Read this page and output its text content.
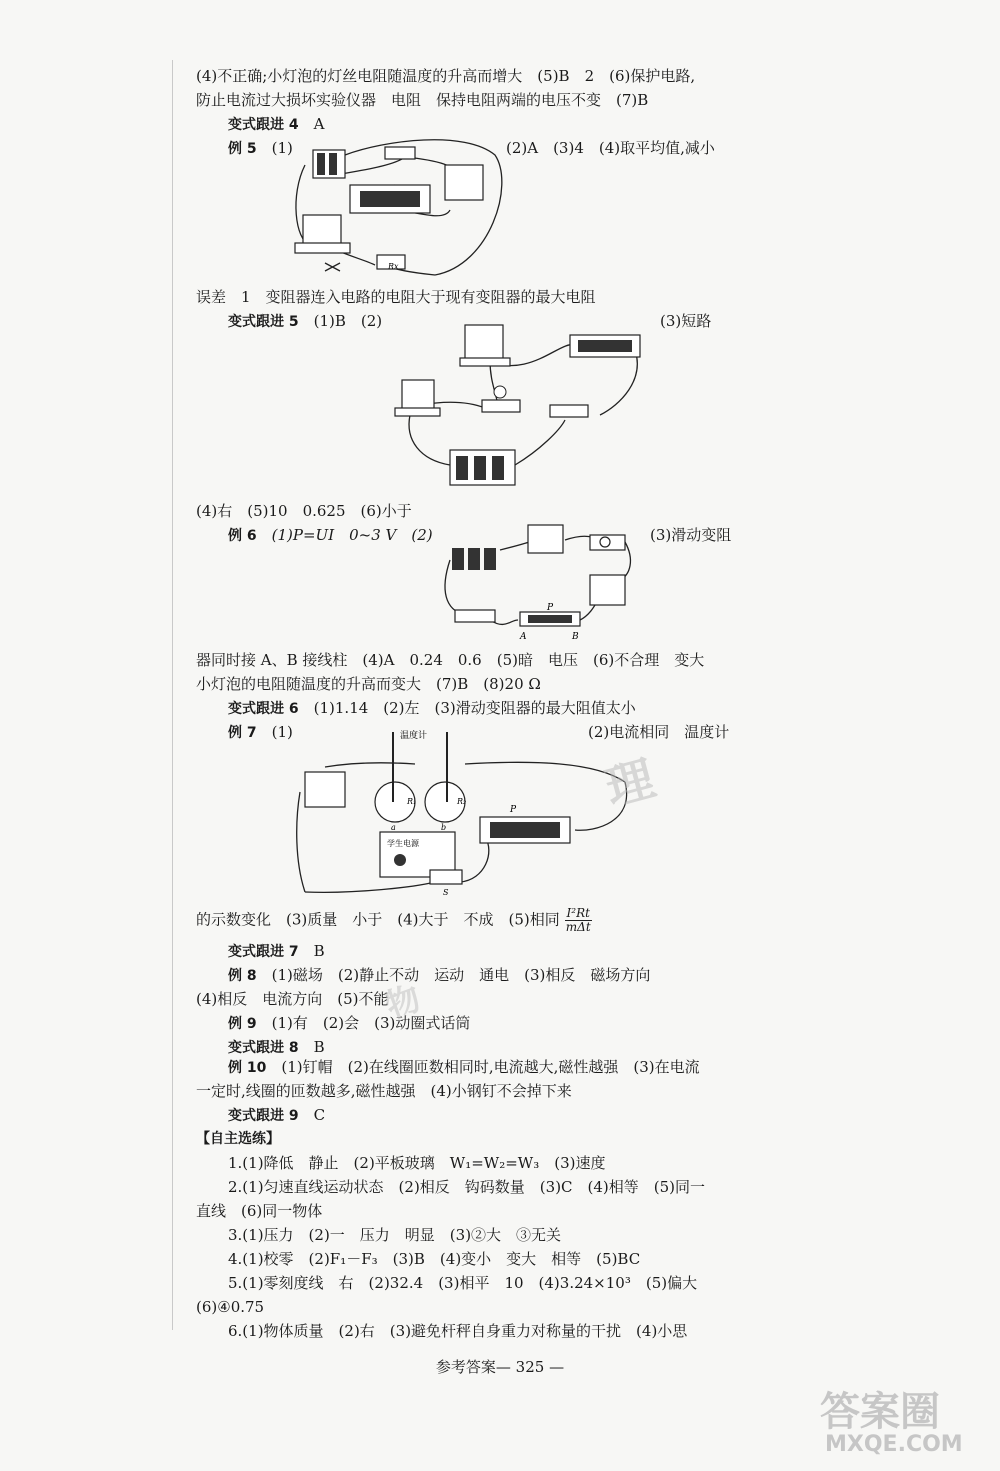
(4)不正确;小灯泡的灯丝电阻随温度的升高而增大　(5)B　2　(6)保护电路,
防止电流过大损坏实验仪器　电阻　保持电阻两端的电压不变　(7)B
变式跟进 4　 A
例 5　 (1)	(2)A　(3)4　(4)取平均值,减小
Rx
误差　1　变阻器连入电路的电阻大于现有变阻器的最大电阻
变式跟进 5　 (1)B　(2)	(3)短路
(4)右　(5)10　0.625　(6)小于
例 6　 (1)P=UI　0~3 V　(2)	(3)滑动变阻
P
A	B
器同时接 A、B 接线柱　(4)A　0.24　0.6　(5)暗　电压　(6)不合理　变大
小灯泡的电阻随温度的升高而变大　(7)B　(8)20 Ω
变式跟进 6　 (1)1.14　(2)左　(3)滑动变阻器的最大阻值太小
例 7　 (1)	(2)电流相同　温度计
温度计
R₁	R₂
a	b
P
S
学生电源
的示数变化　(3)质量　小于　(4)大于　不成　(5)相同 $\frac{\text{I²Rt}}{\text{mΔt}}$
变式跟进 7　 B
例 8　 (1)磁场　(2)静止不动　运动　通电　(3)相反　磁场方向
(4)相反　电流方向　(5)不能
例 9　 (1)有　(2)会　(3)动圈式话筒
变式跟进 8　 B
例 10　 (1)钉帽　(2)在线圈匝数相同时,电流越大,磁性越强　(3)在电流
一定时,线圈的匝数越多,磁性越强　(4)小钢钉不会掉下来
变式跟进 9　 C
【自主选练】
1.(1)降低　静止　(2)平板玻璃　W₁=W₂=W₃　(3)速度
2.(1)匀速直线运动状态　(2)相反　钩码数量　(3)C　(4)相等　(5)同一
直线　(6)同一物体
3.(1)压力　(2)一　压力　明显　(3)②大　③无关
4.(1)校零　(2)F₁－F₃　(3)B　(4)变小　变大　相等　(5)BC
5.(1)零刻度线　右　(2)32.4　(3)相平　10　(4)3.24×10³　(5)偏大
(6)④0.75
6.(1)物体质量　(2)右　(3)避免杆秤自身重力对称量的干扰　(4)小思
参考答案— 325 —
理
物
答案圈
MXQE.COM
